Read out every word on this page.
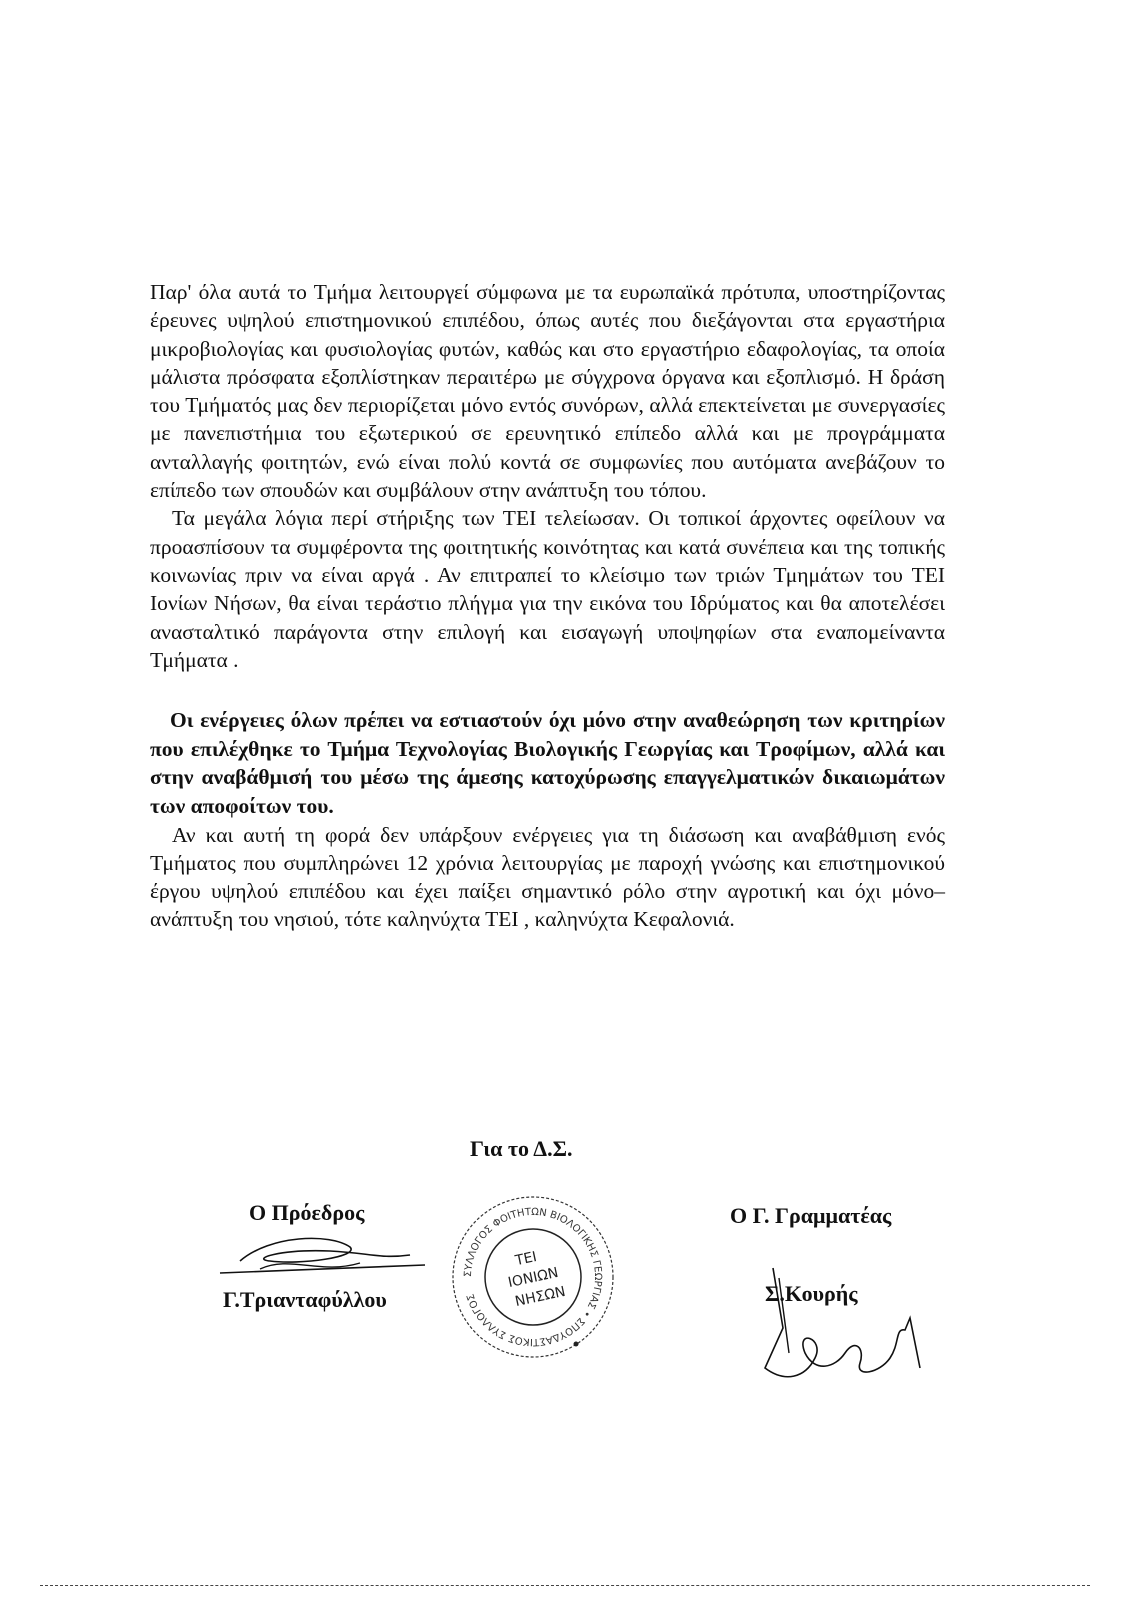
Παρ' όλα αυτά το Τμήμα λειτουργεί σύμφωνα με τα ευρωπαϊκά πρότυπα, υποστηρίζοντας έρευνες υψηλού επιστημονικού επιπέδου, όπως αυτές που διεξάγονται στα εργαστήρια μικροβιολογίας και φυσιολογίας φυτών, καθώς και στο εργαστήριο εδαφολογίας, τα οποία μάλιστα πρόσφατα εξοπλίστηκαν περαιτέρω με σύγχρονα όργανα και εξοπλισμό. Η δράση του Τμήματός μας δεν περιορίζεται μόνο εντός συνόρων, αλλά επεκτείνεται με συνεργασίες με πανεπιστήμια του εξωτερικού σε ερευνητικό επίπεδο αλλά και με προγράμματα ανταλλαγής φοιτητών, ενώ είναι πολύ κοντά σε συμφωνίες που αυτόματα ανεβάζουν το επίπεδο των σπουδών και συμβάλουν στην ανάπτυξη του τόπου.

Τα μεγάλα λόγια περί στήριξης των ΤΕΙ τελείωσαν. Οι τοπικοί άρχοντες οφείλουν να προασπίσουν τα συμφέροντα της φοιτητικής κοινότητας και κατά συνέπεια και της τοπικής κοινωνίας πριν να είναι αργά . Αν επιτραπεί το κλείσιμο των τριών Τμημάτων του ΤΕΙ Ιονίων Νήσων, θα είναι τεράστιο πλήγμα για την εικόνα του Ιδρύματος και θα αποτελέσει ανασταλτικό παράγοντα στην επιλογή και εισαγωγή υποψηφίων στα εναπομείναντα Τμήματα .

Οι ενέργειες όλων πρέπει να εστιαστούν όχι μόνο στην αναθεώρηση των κριτηρίων που επιλέχθηκε το Τμήμα Τεχνολογίας Βιολογικής Γεωργίας και Τροφίμων, αλλά και στην αναβάθμισή του μέσω της άμεσης κατοχύρωσης επαγγελματικών δικαιωμάτων των αποφοίτων του.

Αν και αυτή τη φορά δεν υπάρξουν ενέργειες για τη διάσωση και αναβάθμιση ενός Τμήματος που συμπληρώνει 12 χρόνια λειτουργίας με παροχή γνώσης και επιστημονικού έργου υψηλού επιπέδου και έχει παίξει σημαντικό ρόλο στην αγροτική και όχι μόνο– ανάπτυξη του νησιού, τότε καληνύχτα ΤΕΙ , καληνύχτα Κεφαλονιά.

Για το Δ.Σ.
Ο Πρόεδρος
Γ.Τριανταφύλλου
ΣΥΛΛΟΓΟΣ ΦΟΙΤΗΤΩΝ ΒΙΟΛΟΓΙΚΗΣ ΓΕΩΡΓΙΑΣ • ΣΠΟΥΔΑΣΤΙΚΟΣ ΣΥΛΛΟΓΟΣ
ΤΕΙ
ΙΟΝΙΩΝ
ΝΗΣΩΝ
Ο Γ. Γραμματέας
Σ.Κουρής
